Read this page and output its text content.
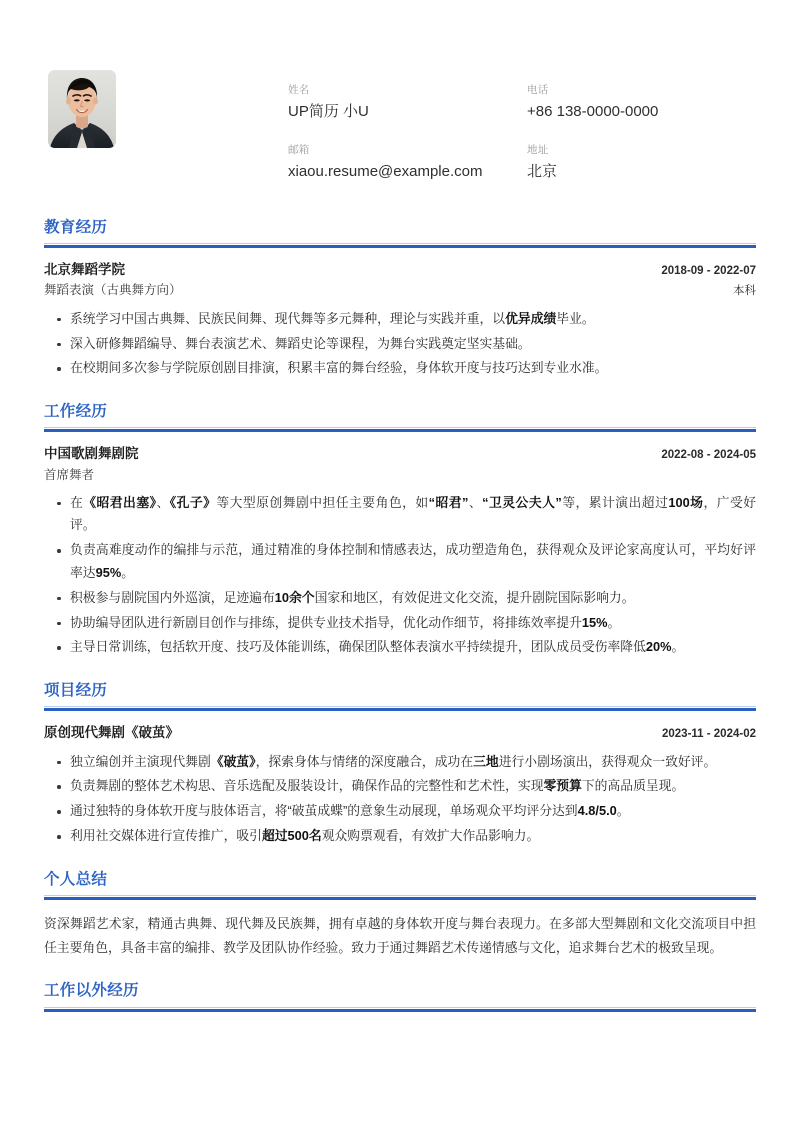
姓名
UP简历 小U
电话
+86 138-0000-0000
邮箱
xiaou.resume@example.com
地址
北京
教育经历
北京舞蹈学院	2018-09 - 2022-07
舞蹈表演（古典舞方向）	本科
系统学习中国古典舞、民族民间舞、现代舞等多元舞种，理论与实践并重，以优异成绩毕业。
深入研修舞蹈编导、舞台表演艺术、舞蹈史论等课程，为舞台实践奠定坚实基础。
在校期间多次参与学院原创剧目排演，积累丰富的舞台经验，身体软开度与技巧达到专业水准。
工作经历
中国歌剧舞剧院	2022-08 - 2024-05
首席舞者
在《昭君出塞》、《孔子》等大型原创舞剧中担任主要角色，如“昭君”、“卫灵公夫人”等，累计演出超过100场，广受好评。
负责高难度动作的编排与示范，通过精准的身体控制和情感表达，成功塑造角色，获得观众及评论家高度认可，平均好评率达95%。
积极参与剧院国内外巡演，足迹遍布10余个国家和地区，有效促进文化交流，提升剧院国际影响力。
协助编导团队进行新剧目创作与排练，提供专业技术指导，优化动作细节，将排练效率提升15%。
主导日常训练，包括软开度、技巧及体能训练，确保团队整体表演水平持续提升，团队成员受伤率降低20%。
项目经历
原创现代舞剧《破茧》	2023-11 - 2024-02
独立编创并主演现代舞剧《破茧》，探索身体与情绪的深度融合，成功在三地进行小剧场演出，获得观众一致好评。
负责舞剧的整体艺术构思、音乐选配及服装设计，确保作品的完整性和艺术性，实现零预算下的高品质呈现。
通过独特的身体软开度与肢体语言，将“破茧成蝶”的意象生动展现，单场观众平均评分达到4.8/5.0。
利用社交媒体进行宣传推广，吸引超过500名观众购票观看，有效扩大作品影响力。
个人总结

资深舞蹈艺术家，精通古典舞、现代舞及民族舞，拥有卓越的身体软开度与舞台表现力。在多部大型舞剧和文化交流项目中担任主要角色，具备丰富的编排、教学及团队协作经验。致力于通过舞蹈艺术传递情感与文化，追求舞台艺术的极致呈现。

工作以外经历
